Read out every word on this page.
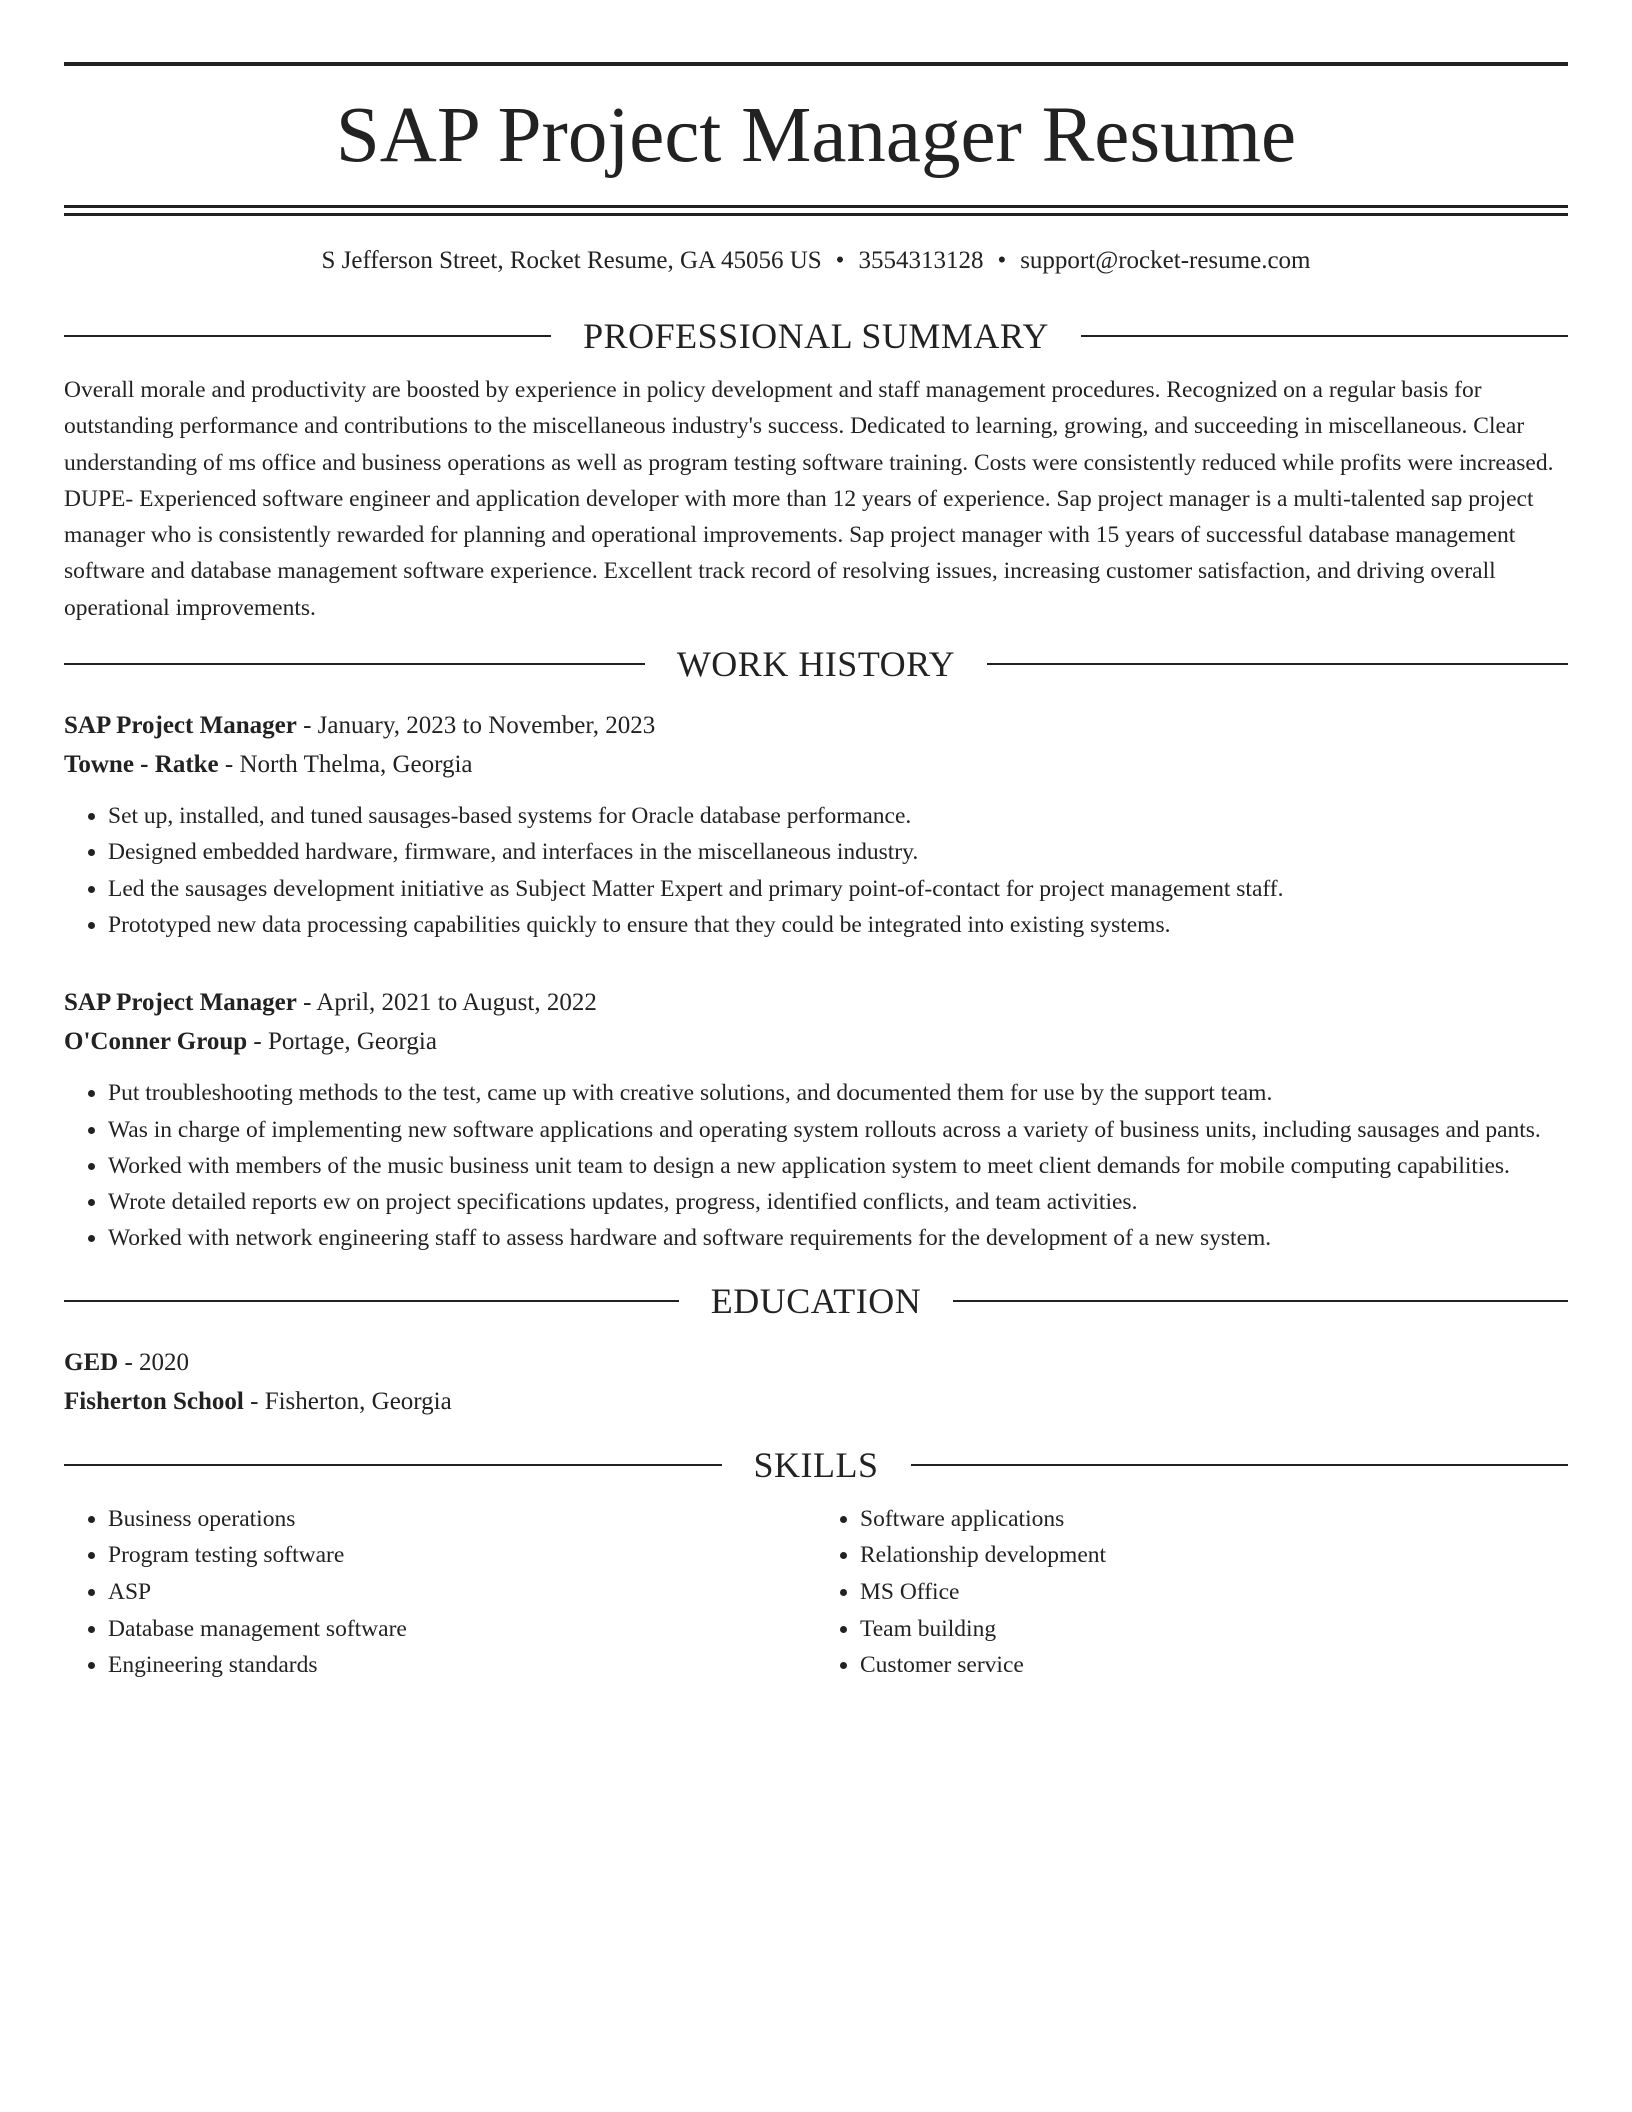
SAP Project Manager Resume
S Jefferson Street, Rocket Resume, GA 45056 US • 3554313128 • support@rocket-resume.com
PROFESSIONAL SUMMARY
Overall morale and productivity are boosted by experience in policy development and staff management procedures. Recognized on a regular basis for outstanding performance and contributions to the miscellaneous industry's success. Dedicated to learning, growing, and succeeding in miscellaneous. Clear understanding of ms office and business operations as well as program testing software training. Costs were consistently reduced while profits were increased. DUPE- Experienced software engineer and application developer with more than 12 years of experience. Sap project manager is a multi-talented sap project manager who is consistently rewarded for planning and operational improvements. Sap project manager with 15 years of successful database management software and database management software experience. Excellent track record of resolving issues, increasing customer satisfaction, and driving overall operational improvements.
WORK HISTORY
SAP Project Manager - January, 2023 to November, 2023
Towne - Ratke - North Thelma, Georgia
• Set up, installed, and tuned sausages-based systems for Oracle database performance.
• Designed embedded hardware, firmware, and interfaces in the miscellaneous industry.
• Led the sausages development initiative as Subject Matter Expert and primary point-of-contact for project management staff.
• Prototyped new data processing capabilities quickly to ensure that they could be integrated into existing systems.
SAP Project Manager - April, 2021 to August, 2022
O'Conner Group - Portage, Georgia
• Put troubleshooting methods to the test, came up with creative solutions, and documented them for use by the support team.
• Was in charge of implementing new software applications and operating system rollouts across a variety of business units, including sausages and pants.
• Worked with members of the music business unit team to design a new application system to meet client demands for mobile computing capabilities.
• Wrote detailed reports ew on project specifications updates, progress, identified conflicts, and team activities.
• Worked with network engineering staff to assess hardware and software requirements for the development of a new system.
EDUCATION
GED - 2020
Fisherton School - Fisherton, Georgia
SKILLS
• Business operations
• Program testing software
• ASP
• Database management software
• Engineering standards
• Software applications
• Relationship development
• MS Office
• Team building
• Customer service
